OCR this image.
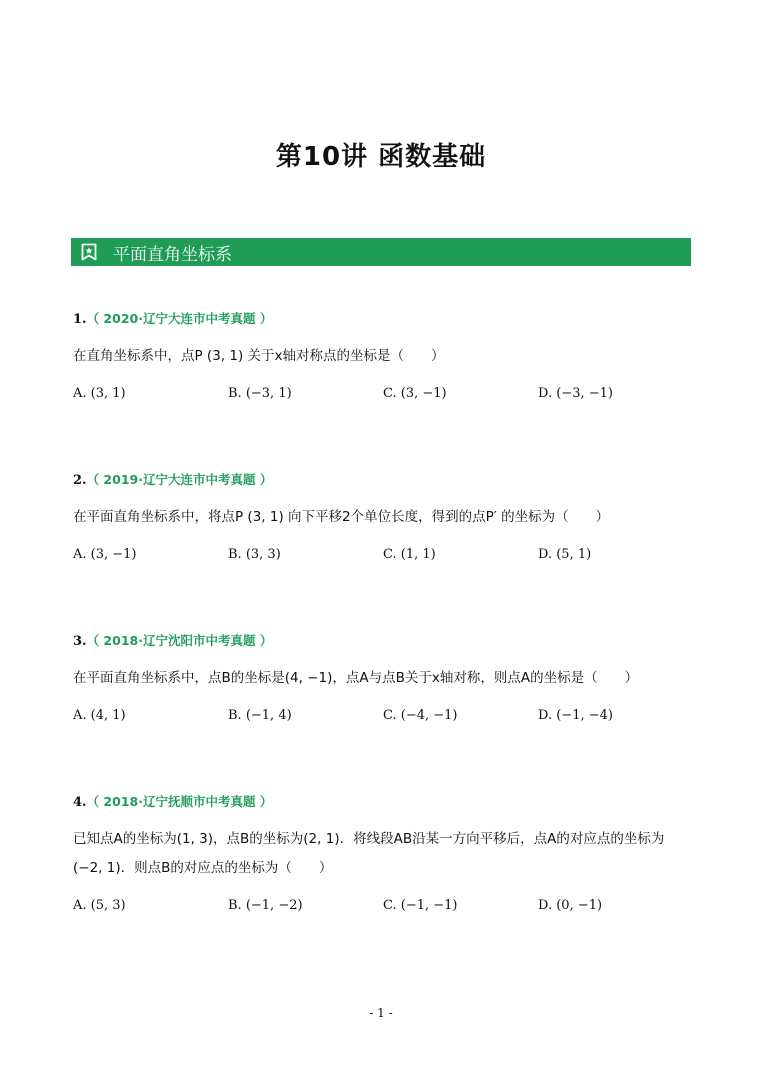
第10讲 函数基础
平面直角坐标系
1.（ 2020·辽宁大连市中考真题 ）
在直角坐标系中，点P (3, 1) 关于x轴对称点的坐标是（　　）
A. (3, 1)	B. (−3, 1)	C. (3, −1)	D. (−3, −1)
2.（ 2019·辽宁大连市中考真题 ）
在平面直角坐标系中，将点P (3, 1) 向下平移2个单位长度，得到的点P′ 的坐标为（　　）
A. (3, −1)	B. (3, 3)	C. (1, 1)	D. (5, 1)
3.（ 2018·辽宁沈阳市中考真题 ）
在平面直角坐标系中，点B的坐标是(4, −1)，点A与点B关于x轴对称，则点A的坐标是（　　）
A. (4, 1)	B. (−1, 4)	C. (−4, −1)	D. (−1, −4)
4.（ 2018·辽宁抚顺市中考真题 ）
已知点A的坐标为(1, 3)，点B的坐标为(2, 1)．将线段AB沿某一方向平移后，点A的对应点的坐标为
(−2, 1)．则点B的对应点的坐标为（　　）
A. (5, 3)	B. (−1, −2)	C. (−1, −1)	D. (0, −1)
- 1 -
